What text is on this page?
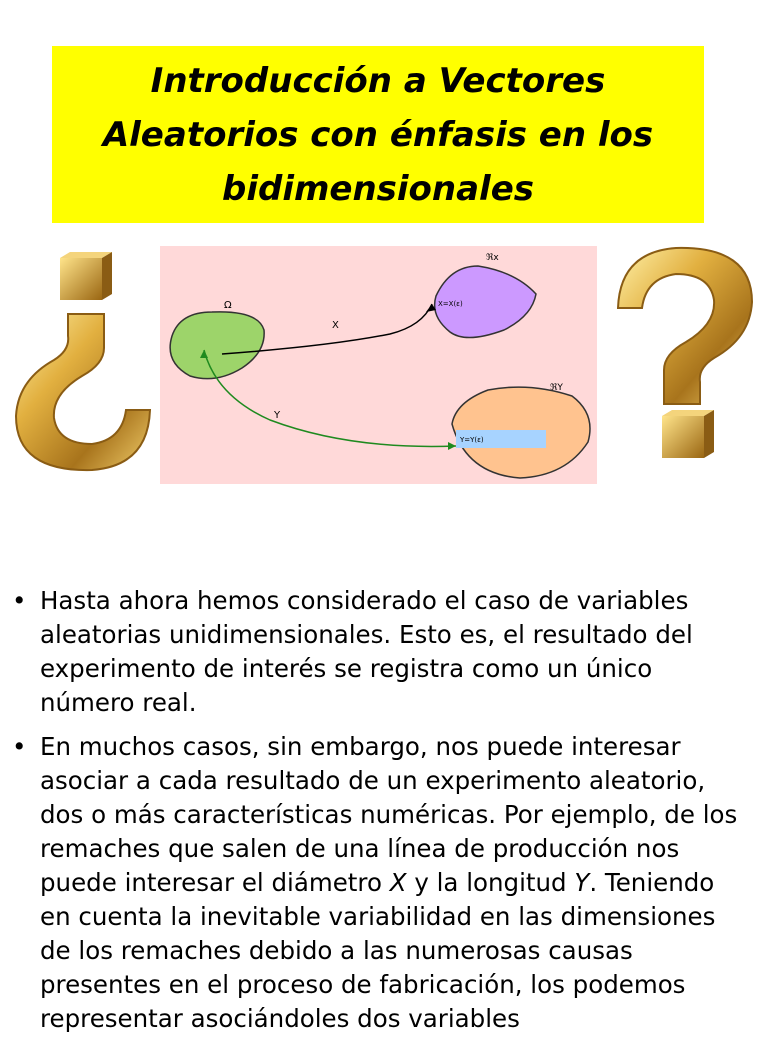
Introducción a Vectores Aleatorios con énfasis en los bidimensionales
Ω
ℜx
X=X(ε)
ℜY
Y=Y(ε)
X
Y
• Hasta ahora hemos considerado el caso de variables aleatorias unidimensionales. Esto es, el resultado del experimento de interés se registra como un único número real.
• En muchos casos, sin embargo, nos puede interesar asociar a cada resultado de un experimento aleatorio, dos o más características numéricas. Por ejemplo, de los remaches que salen de una línea de producción nos puede interesar el diámetro X y la longitud Y. Teniendo en cuenta la inevitable variabilidad en las dimensiones de los remaches debido a las numerosas causas presentes en el proceso de fabricación, los podemos representar asociándoles dos variables
